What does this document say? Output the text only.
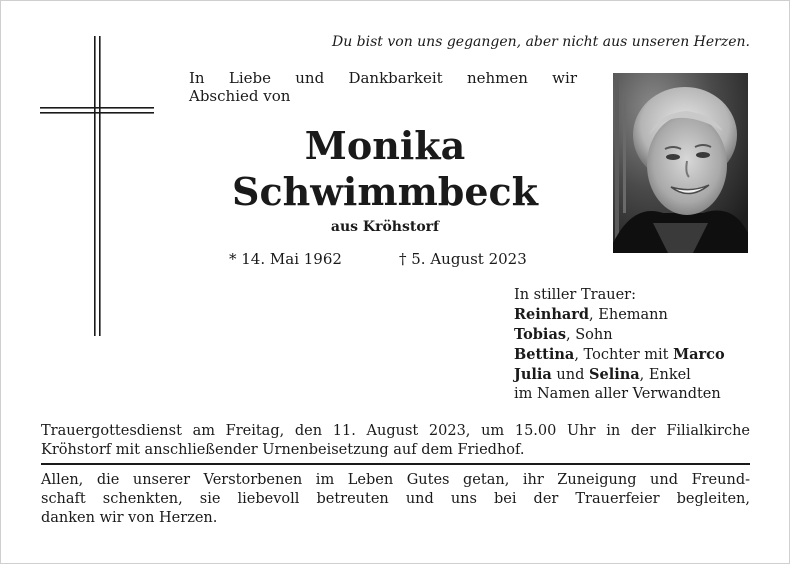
Du bist von uns gegangen, aber nicht aus unseren Herzen.
In Liebe und Dankbarkeit nehmen wir
Abschied von
Monika
Schwimmbeck
aus Kröhstorf
* 14. Mai 1962	† 5. August 2023
In stiller Trauer:
Reinhard, Ehemann
Tobias, Sohn
Bettina, Tochter mit Marco
Julia und Selina, Enkel
im Namen aller Verwandten
Trauergottesdienst am Freitag, den 11. August 2023, um 15.00 Uhr in der Filialkirche
Kröhstorf mit anschließender Urnenbeisetzung auf dem Friedhof.
Allen, die unserer Verstorbenen im Leben Gutes getan, ihr Zuneigung und Freund-
schaft schenkten, sie liebevoll betreuten und uns bei der Trauerfeier begleiten,
danken wir von Herzen.
